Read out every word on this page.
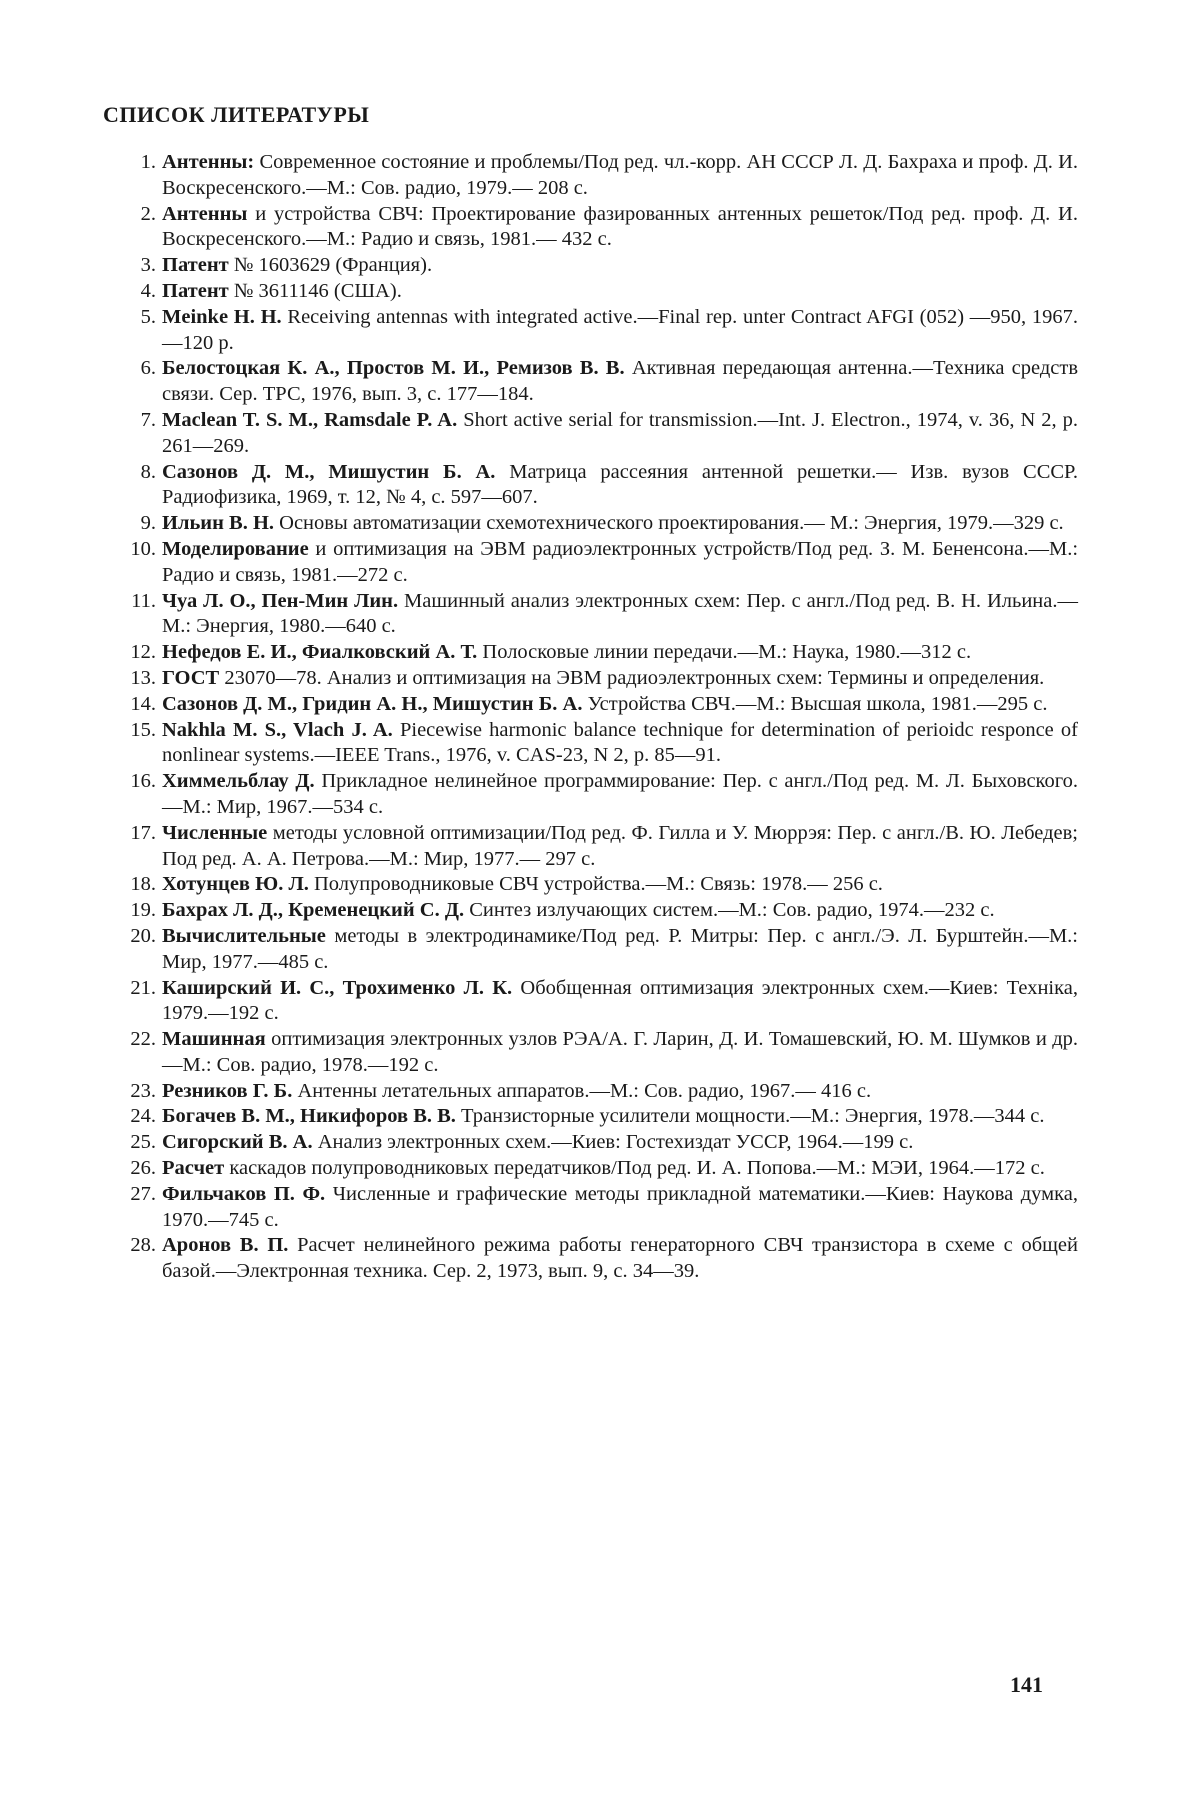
СПИСОК ЛИТЕРАТУРЫ
1. Антенны: Современное состояние и проблемы/Под ред. чл.-корр. АН СССР Л. Д. Бахраха и проф. Д. И. Воскресенского.—М.: Сов. радио, 1979.— 208 с.
2. Антенны и устройства СВЧ: Проектирование фазированных антенных решеток/Под ред. проф. Д. И. Воскресенского.—М.: Радио и связь, 1981.— 432 с.
3. Патент № 1603629 (Франция).
4. Патент № 3611146 (США).
5. Meinke H. H. Receiving antennas with integrated active.—Final rep. unter Contract AFGI (052) —950, 1967.—120 p.
6. Белостоцкая К. А., Простов М. И., Ремизов В. В. Активная передающая антенна.—Техника средств связи. Сер. ТРС, 1976, вып. 3, с. 177—184.
7. Maclean T. S. M., Ramsdale P. A. Short active serial for transmission.—Int. J. Electron., 1974, v. 36, N 2, p. 261—269.
8. Сазонов Д. М., Мишустин Б. А. Матрица рассеяния антенной решетки.— Изв. вузов СССР. Радиофизика, 1969, т. 12, № 4, с. 597—607.
9. Ильин В. Н. Основы автоматизации схемотехнического проектирования.— М.: Энергия, 1979.—329 с.
10. Моделирование и оптимизация на ЭВМ радиоэлектронных устройств/Под ред. З. М. Бененсона.—М.: Радио и связь, 1981.—272 с.
11. Чуа Л. О., Пен-Мин Лин. Машинный анализ электронных схем: Пер. с англ./Под ред. В. Н. Ильина.—М.: Энергия, 1980.—640 с.
12. Нефедов Е. И., Фиалковский А. Т. Полосковые линии передачи.—М.: Наука, 1980.—312 с.
13. ГОСТ 23070—78. Анализ и оптимизация на ЭВМ радиоэлектронных схем: Термины и определения.
14. Сазонов Д. М., Гридин А. Н., Мишустин Б. А. Устройства СВЧ.—М.: Высшая школа, 1981.—295 с.
15. Nakhla M. S., Vlach J. A. Piecewise harmonic balance technique for determination of perioidc responce of nonlinear systems.—IEEE Trans., 1976, v. CAS-23, N 2, p. 85—91.
16. Химмельблау Д. Прикладное нелинейное программирование: Пер. с англ./Под ред. М. Л. Быховского.—М.: Мир, 1967.—534 с.
17. Численные методы условной оптимизации/Под ред. Ф. Гилла и У. Мюррэя: Пер. с англ./В. Ю. Лебедев; Под ред. А. А. Петрова.—М.: Мир, 1977.— 297 с.
18. Хотунцев Ю. Л. Полупроводниковые СВЧ устройства.—М.: Связь: 1978.— 256 с.
19. Бахрах Л. Д., Кременецкий С. Д. Синтез излучающих систем.—М.: Сов. радио, 1974.—232 с.
20. Вычислительные методы в электродинамике/Под ред. Р. Митры: Пер. с англ./Э. Л. Бурштейн.—М.: Мир, 1977.—485 с.
21. Каширский И. С., Трохименко Л. К. Обобщенная оптимизация электронных схем.—Киев: Техніка, 1979.—192 с.
22. Машинная оптимизация электронных узлов РЭА/А. Г. Ларин, Д. И. Томашевский, Ю. М. Шумков и др.—М.: Сов. радио, 1978.—192 с.
23. Резников Г. Б. Антенны летательных аппаратов.—М.: Сов. радио, 1967.— 416 с.
24. Богачев В. М., Никифоров В. В. Транзисторные усилители мощности.—М.: Энергия, 1978.—344 с.
25. Сигорский В. А. Анализ электронных схем.—Киев: Гостехиздат УССР, 1964.—199 с.
26. Расчет каскадов полупроводниковых передатчиков/Под ред. И. А. Попова.—М.: МЭИ, 1964.—172 с.
27. Фильчаков П. Ф. Численные и графические методы прикладной математики.—Киев: Наукова думка, 1970.—745 с.
28. Аронов В. П. Расчет нелинейного режима работы генераторного СВЧ транзистора в схеме с общей базой.—Электронная техника. Сер. 2, 1973, вып. 9, с. 34—39.
141
